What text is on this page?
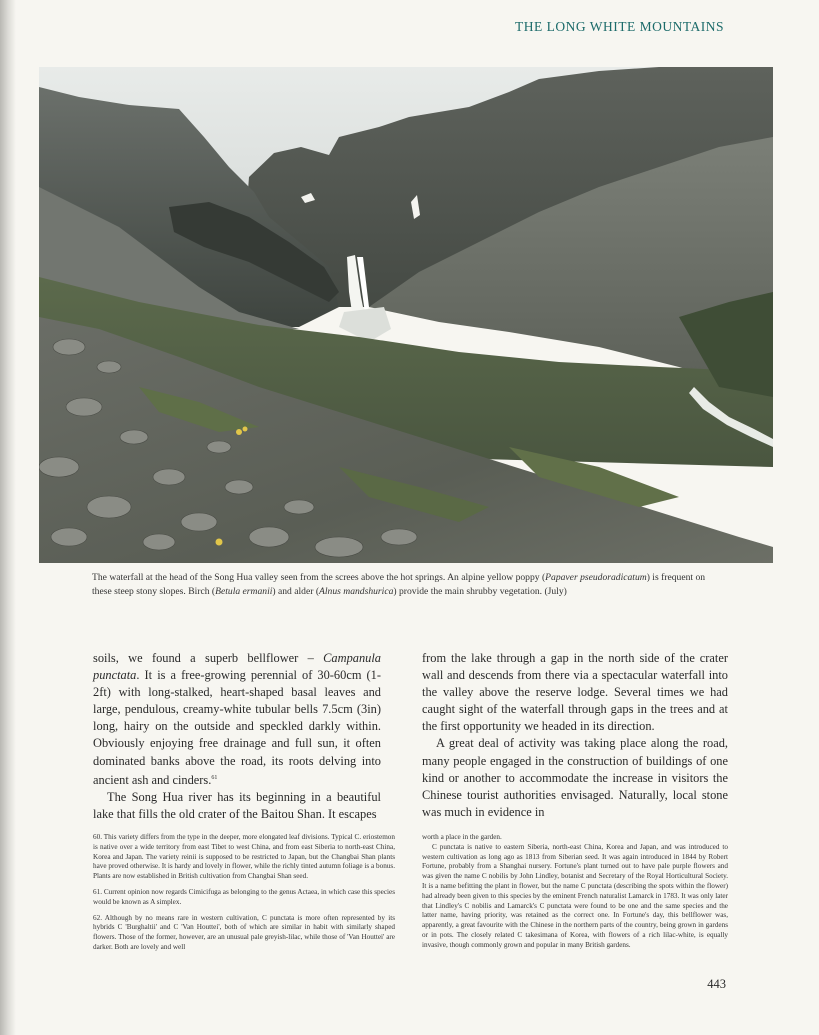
THE LONG WHITE MOUNTAINS
The waterfall at the head of the Song Hua valley seen from the screes above the hot springs. An alpine yellow poppy (Papaver pseudoradicatum) is frequent on these steep stony slopes. Birch (Betula ermanii) and alder (Alnus mandshurica) provide the main shrubby vegetation. (July)

soils, we found a superb bellflower – Campanula punctata. It is a free-growing perennial of 30-60cm (1-2ft) with long-stalked, heart-shaped basal leaves and large, pendulous, creamy-white tubular bells 7.5cm (3in) long, hairy on the outside and speckled darkly within. Obviously enjoying free drainage and full sun, it often dominated banks above the road, its roots delving into ancient ash and cinders.$^{61}$

The Song Hua river has its beginning in a beautiful lake that fills the old crater of the Baitou Shan. It escapes

from the lake through a gap in the north side of the crater wall and descends from there via a spectacular waterfall into the valley above the reserve lodge. Several times we had caught sight of the waterfall through gaps in the trees and at the first opportunity we headed in its direction.

A great deal of activity was taking place along the road, many people engaged in the construction of buildings of one kind or another to accommodate the increase in visitors the Chinese tourist authorities envisaged. Naturally, local stone was much in evidence in

60. This variety differs from the type in the deeper, more elongated leaf divisions. Typical C. eriostemon is native over a wide territory from east Tibet to west China, and from east Siberia to north-east China, Korea and Japan. The variety reinii is supposed to be restricted to Japan, but the Changbai Shan plants have proved otherwise. It is hardy and lovely in flower, while the richly tinted autumn foliage is a bonus. Plants are now established in British cultivation from Changbai Shan seed.

61. Current opinion now regards Cimicifuga as belonging to the genus Actaea, in which case this species would be known as A simplex.

62. Although by no means rare in western cultivation, C punctata is more often represented by its hybrids C 'Burghaltii' and C 'Van Houttei', both of which are similar in habit with similarly shaped flowers. Those of the former, however, are an unusual pale greyish-lilac, while those of 'Van Houttei' are darker. Both are lovely and well

worth a place in the garden.

C punctata is native to eastern Siberia, north-east China, Korea and Japan, and was introduced to western cultivation as long ago as 1813 from Siberian seed. It was again introduced in 1844 by Robert Fortune, probably from a Shanghai nursery. Fortune's plant turned out to have pale purple flowers and was given the name C nobilis by John Lindley, botanist and Secretary of the Royal Horticultural Society. It is a name befitting the plant in flower, but the name C punctata (describing the spots within the flower) had already been given to this species by the eminent French naturalist Lamarck in 1783. It was only later that Lindley's C nobilis and Lamarck's C punctata were found to be one and the same species and the latter name, having priority, was retained as the correct one. In Fortune's day, this bellflower was, apparently, a great favourite with the Chinese in the northern parts of the country, being grown in gardens or in pots. The closely related C takesimana of Korea, with flowers of a rich lilac-white, is equally invasive, though commonly grown and popular in many British gardens.

443
